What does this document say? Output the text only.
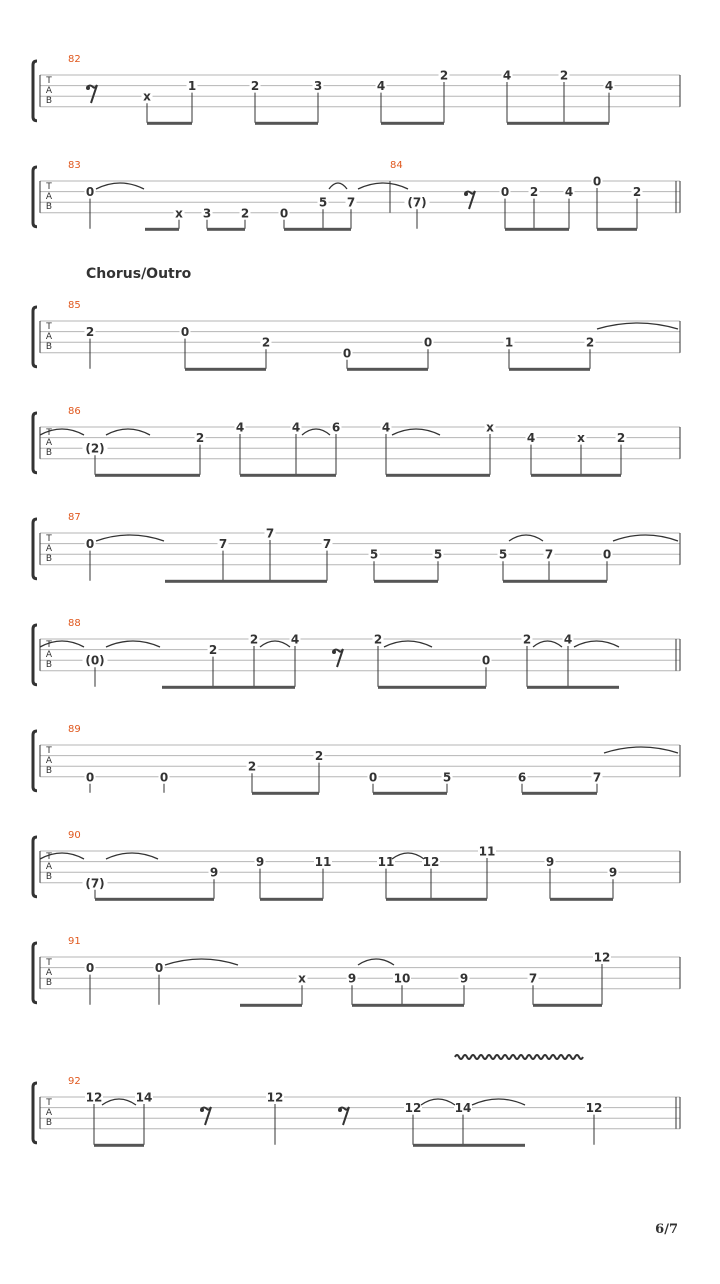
T
A
B
82
x
1	2	3	4
2	4	2
4
T
A
B
83	84
0
x 3 2	0
5 7	(7)
0 2 4
0
2
T
A
B
85
2	0
2
0
0	1	2
T
A
B
86
(2)
2
4	4	6	4	x
4	x	2
T
A
B
87
0	7
7
7
5	5	5	7	0
T
A
B
88
(0)
2
2	4	2
0
2	4
T
A
B
89
0	0
2
2
0	5	6	7
T
A
B
90
(7)
9
9	11	11 12
11
9
9
T
A
B
91
0	0
x	9	10	9	7
12
T
A
B
92
12	14	12
12	14	12
Chorus/Outro
6/7
